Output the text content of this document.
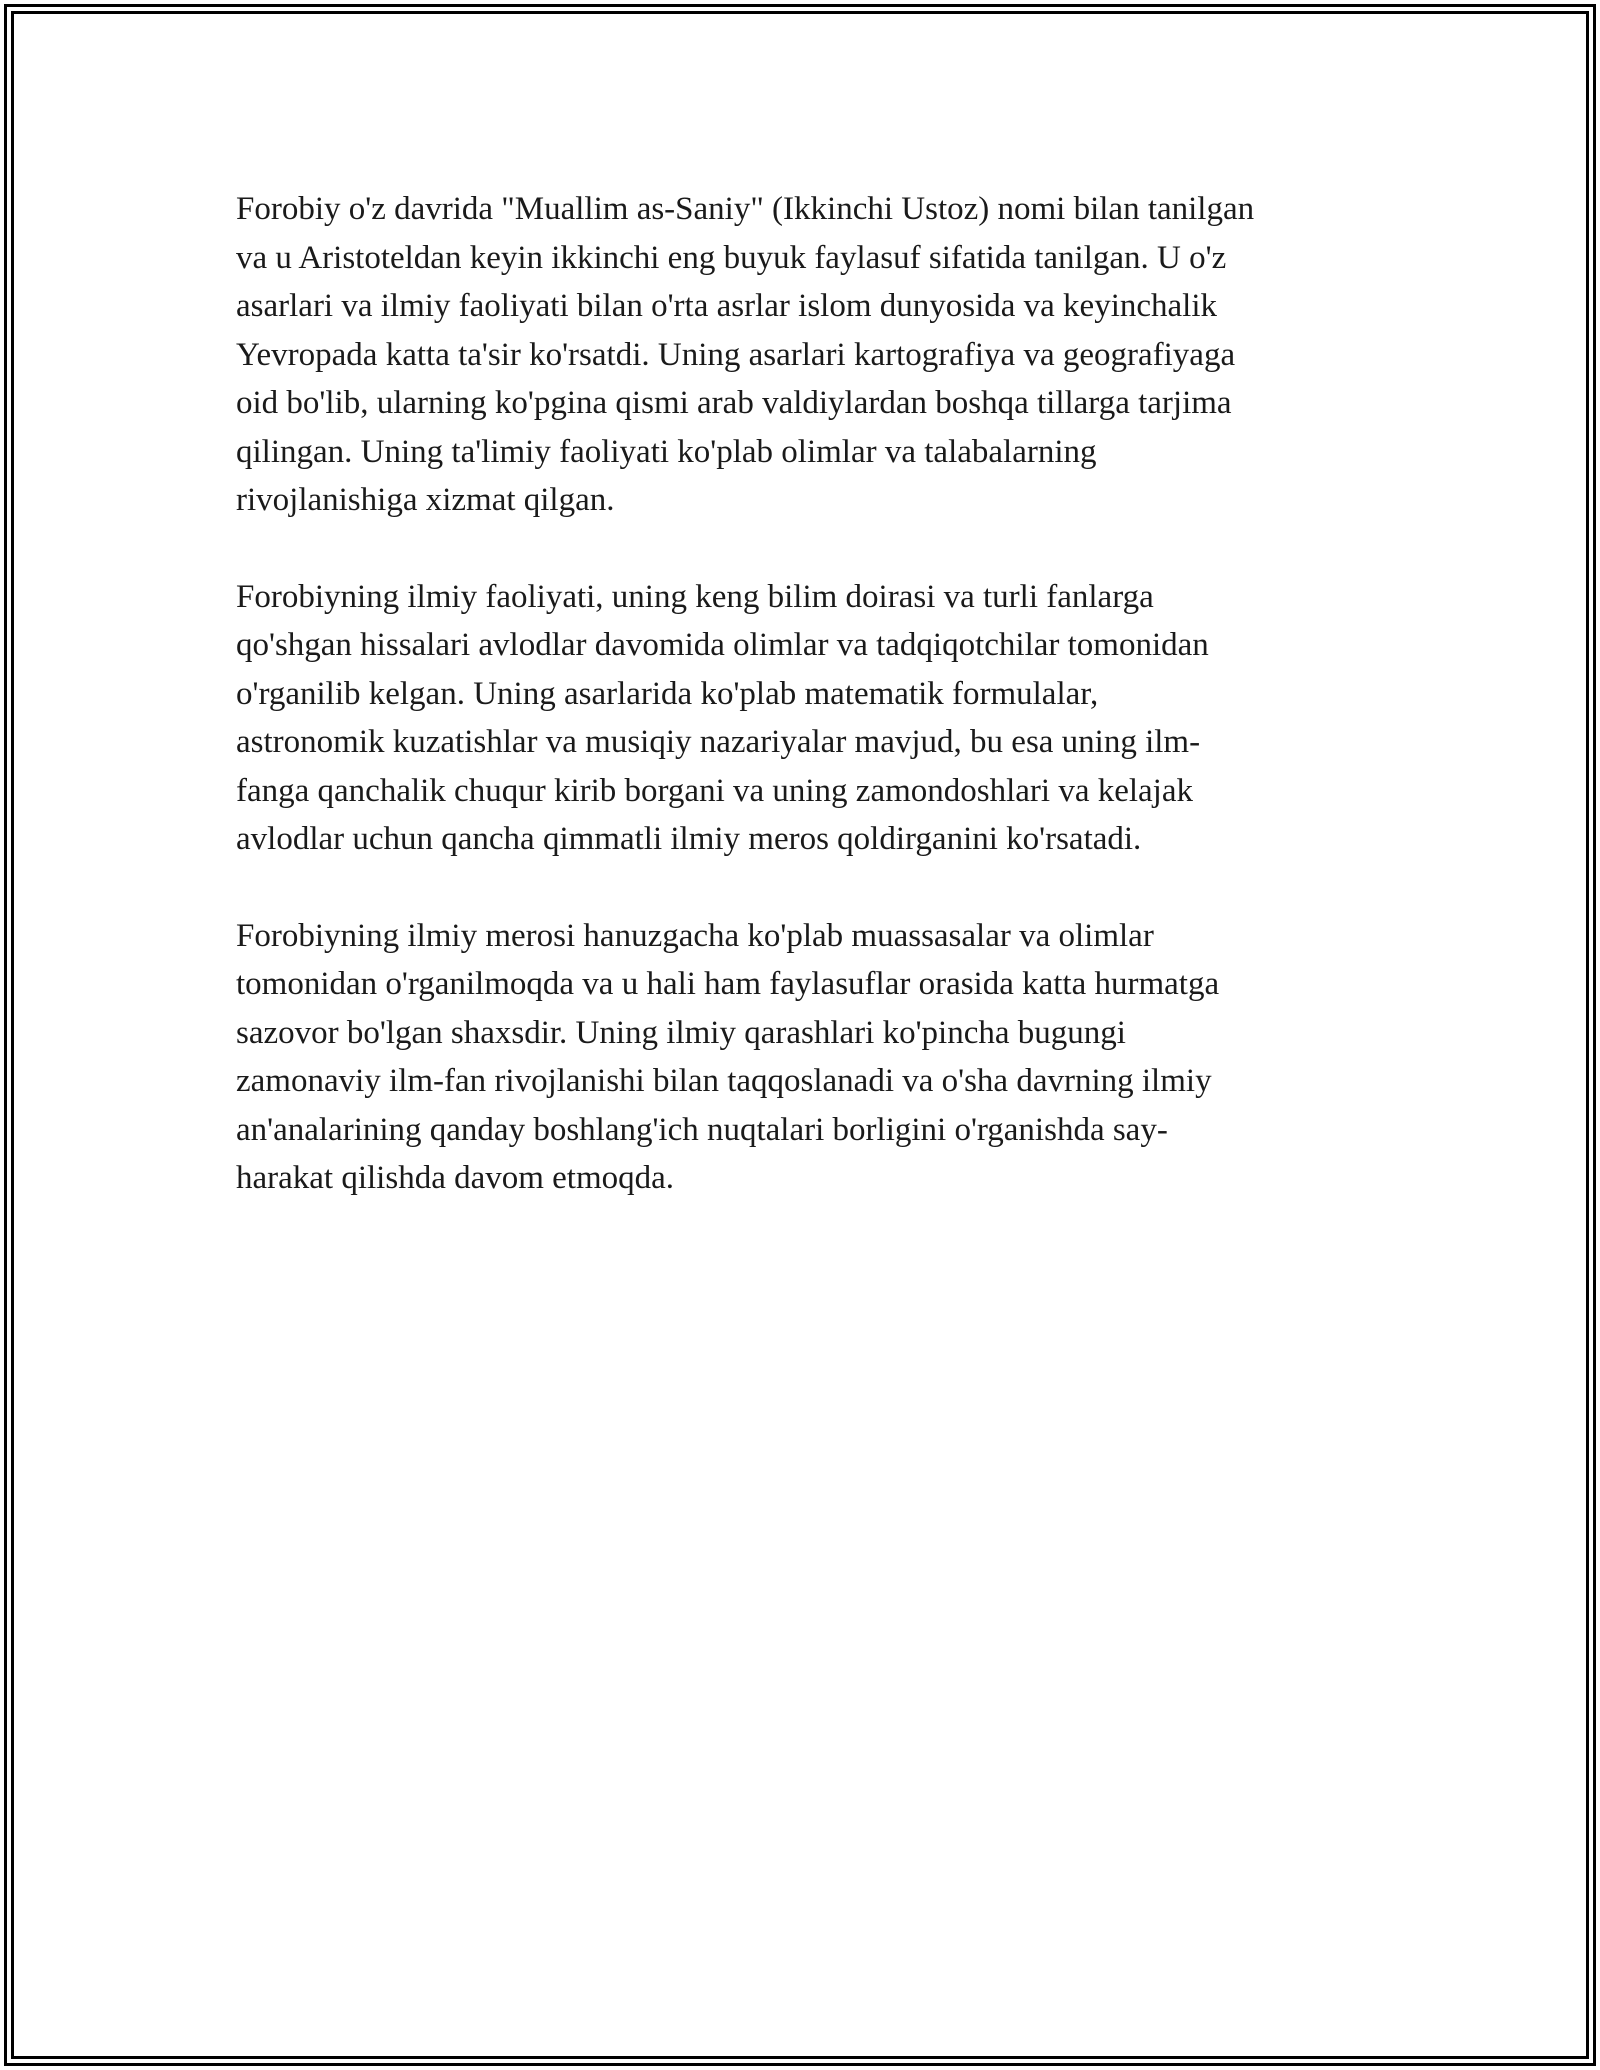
Forobiy o'z davrida "Muallim as-Saniy" (Ikkinchi Ustoz) nomi bilan tanilgan
va u Aristoteldan keyin ikkinchi eng buyuk faylasuf sifatida tanilgan. U o'z
asarlari va ilmiy faoliyati bilan o'rta asrlar islom dunyosida va keyinchalik
Yevropada katta ta'sir ko'rsatdi. Uning asarlari kartografiya va geografiyaga
oid bo'lib, ularning ko'pgina qismi arab valdiylardan boshqa tillarga tarjima
qilingan. Uning ta'limiy faoliyati ko'plab olimlar va talabalarning
rivojlanishiga xizmat qilgan.
Forobiyning ilmiy faoliyati, uning keng bilim doirasi va turli fanlarga
qo'shgan hissalari avlodlar davomida olimlar va tadqiqotchilar tomonidan
o'rganilib kelgan. Uning asarlarida ko'plab matematik formulalar,
astronomik kuzatishlar va musiqiy nazariyalar mavjud, bu esa uning ilm-
fanga qanchalik chuqur kirib borgani va uning zamondoshlari va kelajak
avlodlar uchun qancha qimmatli ilmiy meros qoldirganini ko'rsatadi.
Forobiyning ilmiy merosi hanuzgacha ko'plab muassasalar va olimlar
tomonidan o'rganilmoqda va u hali ham faylasuflar orasida katta hurmatga
sazovor bo'lgan shaxsdir. Uning ilmiy qarashlari ko'pincha bugungi
zamonaviy ilm-fan rivojlanishi bilan taqqoslanadi va o'sha davrning ilmiy
an'analarining qanday boshlang'ich nuqtalari borligini o'rganishda say-
harakat qilishda davom etmoqda.
